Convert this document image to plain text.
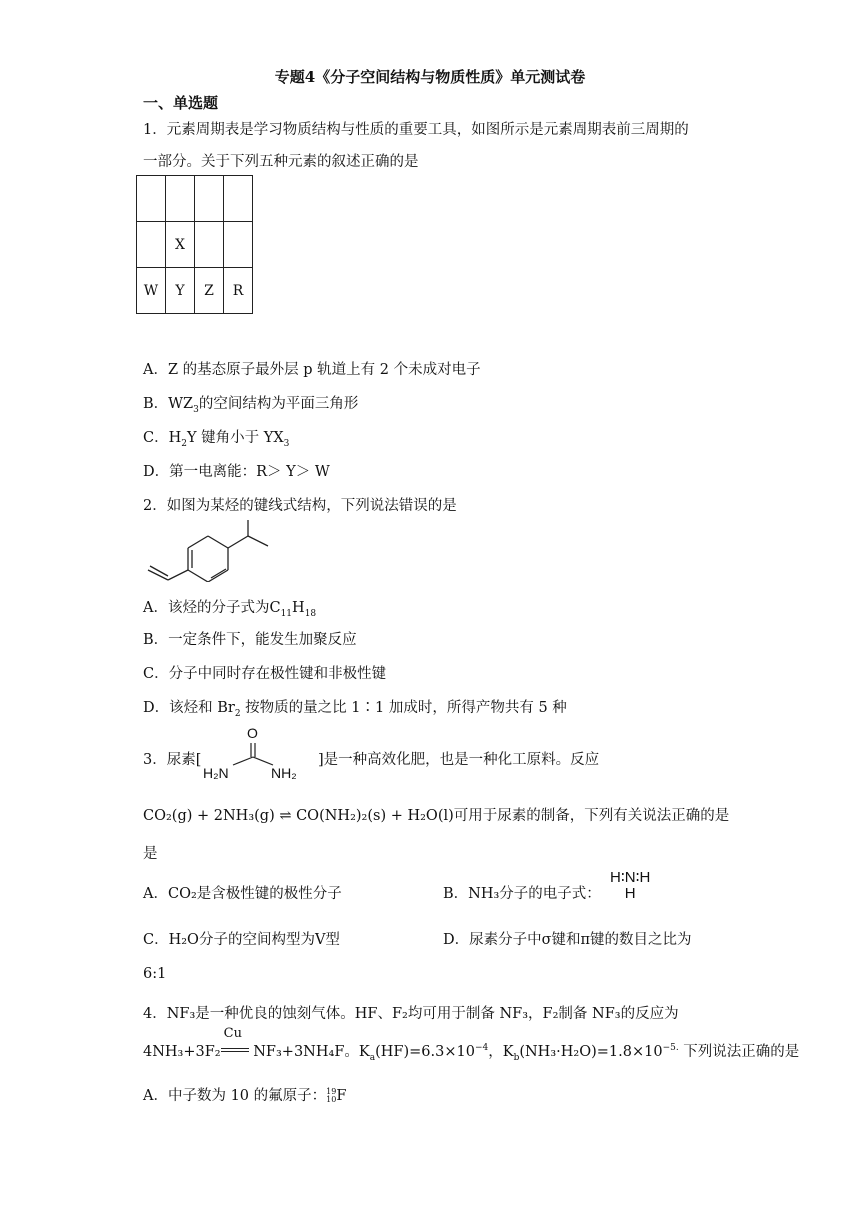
专题4《分子空间结构与物质性质》单元测试卷
一、单选题
1．元素周期表是学习物质结构与性质的重要工具，如图所示是元素周期表前三周期的
一部分。关于下列五种元素的叙述正确的是

	X		
W	Y	Z	R
A．Z 的基态原子最外层 p 轨道上有 2 个未成对电子
B．$WZ_3$的空间结构为平面三角形
C．$H_2Y$ 键角小于 $YX_3$
D．第一电离能：R＞ Y＞ W
2．如图为某烃的键线式结构，下列说法错误的是
A．该烃的分子式为$C_{11}H_{18}$
B．一定条件下，能发生加聚反应
C．分子中同时存在极性键和非极性键
D．该烃和 $Br_2$ 按物质的量之比 1∶1 加成时，所得产物共有 5 种
3．尿素[
O
H₂N	NH₂
]是一种高效化肥，也是一种化工原料。反应
CO₂(g) + 2NH₃(g) ⇌ CO(NH₂)₂(s) + H₂O(l)可用于尿素的制备，下列有关说法正确的是
是
A．CO₂是含极性键的极性分子	B．NH₃分子的电子式：
H∶N∶H
H
C．H₂O分子的空间构型为V型	D．尿素分子中σ键和π键的数目之比为
6:1
4．NF₃是一种优良的蚀刻气体。HF、F₂均可用于制备 NF₃，F₂制备 NF₃的反应为
4NH₃+3F₂
Cu
NF₃+3NH₄F。$K_a(HF)=6.3\times 10^{-4}$，$K_b(NH_3\cdot H_2O)=1.8\times 10^{-5.}$ 下列说法正确的是
A．中子数为 10 的氟原子： 19
10 F
